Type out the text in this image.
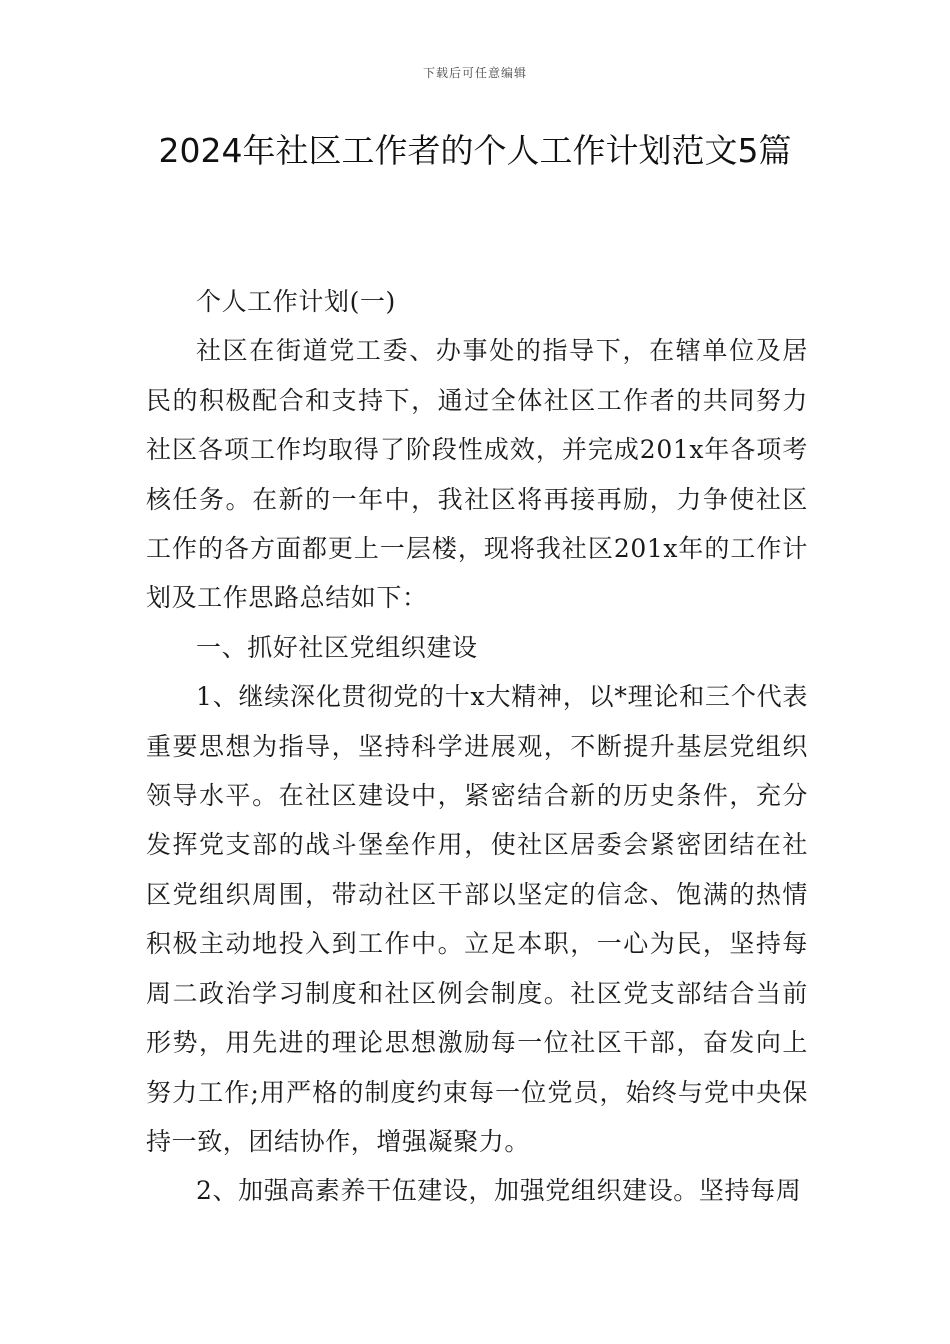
下载后可任意编辑
2024年社区工作者的个人工作计划范文5篇

个人工作计划(一)

社区在街道党工委、办事处的指导下，在辖单位及居民的积极配合和支持下，通过全体社区工作者的共同努力社区各项工作均取得了阶段性成效，并完成201x年各项考核任务。在新的一年中，我社区将再接再励，力争使社区工作的各方面都更上一层楼，现将我社区201x年的工作计划及工作思路总结如下：

一、抓好社区党组织建设

1、继续深化贯彻党的十x大精神，以*理论和三个代表重要思想为指导，坚持科学进展观，不断提升基层党组织领导水平。在社区建设中，紧密结合新的历史条件，充分发挥党支部的战斗堡垒作用，使社区居委会紧密团结在社区党组织周围，带动社区干部以坚定的信念、饱满的热情积极主动地投入到工作中。立足本职，一心为民，坚持每周二政治学习制度和社区例会制度。社区党支部结合当前形势，用先进的理论思想激励每一位社区干部，奋发向上努力工作;用严格的制度约束每一位党员，始终与党中央保持一致，团结协作，增强凝聚力。

2、加强高素养干伍建设，加强党组织建设。坚持每周
